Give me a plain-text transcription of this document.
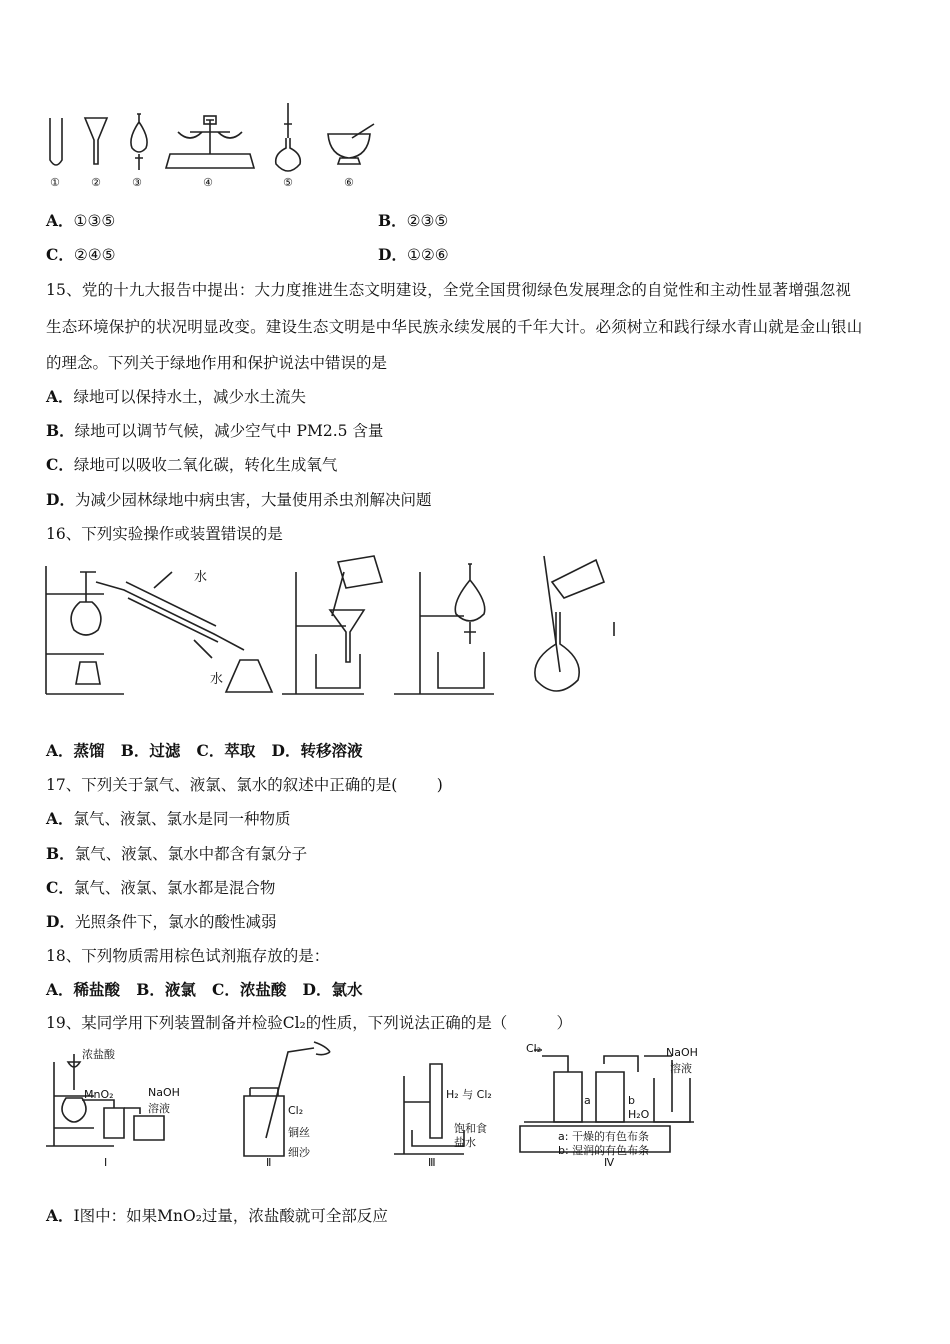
①	②	③	④	⑤	⑥
A．①③⑤	B．②③⑤
C．②④⑤	D．①②⑥
15、党的十九大报告中提出：大力度推进生态文明建设，全党全国贯彻绿色发展理念的自觉性和主动性显著增强忽视
生态环境保护的状况明显改变。建设生态文明是中华民族永续发展的千年大计。必须树立和践行绿水青山就是金山银山
的理念。下列关于绿地作用和保护说法中错误的是
A．绿地可以保持水土，减少水土流失
B．绿地可以调节气候，减少空气中 PM2.5 含量
C．绿地可以吸收二氧化碳，转化生成氧气
D．为减少园林绿地中病虫害，大量使用杀虫剂解决问题
16、下列实验操作或装置错误的是
水
水
A．蒸馏   B．过滤   C．萃取   D．转移溶液
17、下列关于氯气、液氯、氯水的叙述中正确的是(        )
A．氯气、液氯、氯水是同一种物质
B．氯气、液氯、氯水中都含有氯分子
C．氯气、液氯、氯水都是混合物
D．光照条件下，氯水的酸性减弱
18、下列物质需用棕色试剂瓶存放的是：
A．稀盐酸   B．液氯   C．浓盐酸   D．氯水
19、某同学用下列装置制备并检验Cl₂的性质，下列说法正确的是（          ）
浓盐酸
MnO₂	NaOH
溶液
Ⅰ
Cl₂
铜丝
细沙
Ⅱ
H₂ 与 Cl₂
饱和食
盐水
Ⅲ
Cl₂	NaOH
溶液
a	b
H₂O
a: 干燥的有色布条
b: 湿润的有色布条
Ⅳ
A．Ⅰ图中：如果MnO₂过量，浓盐酸就可全部反应
